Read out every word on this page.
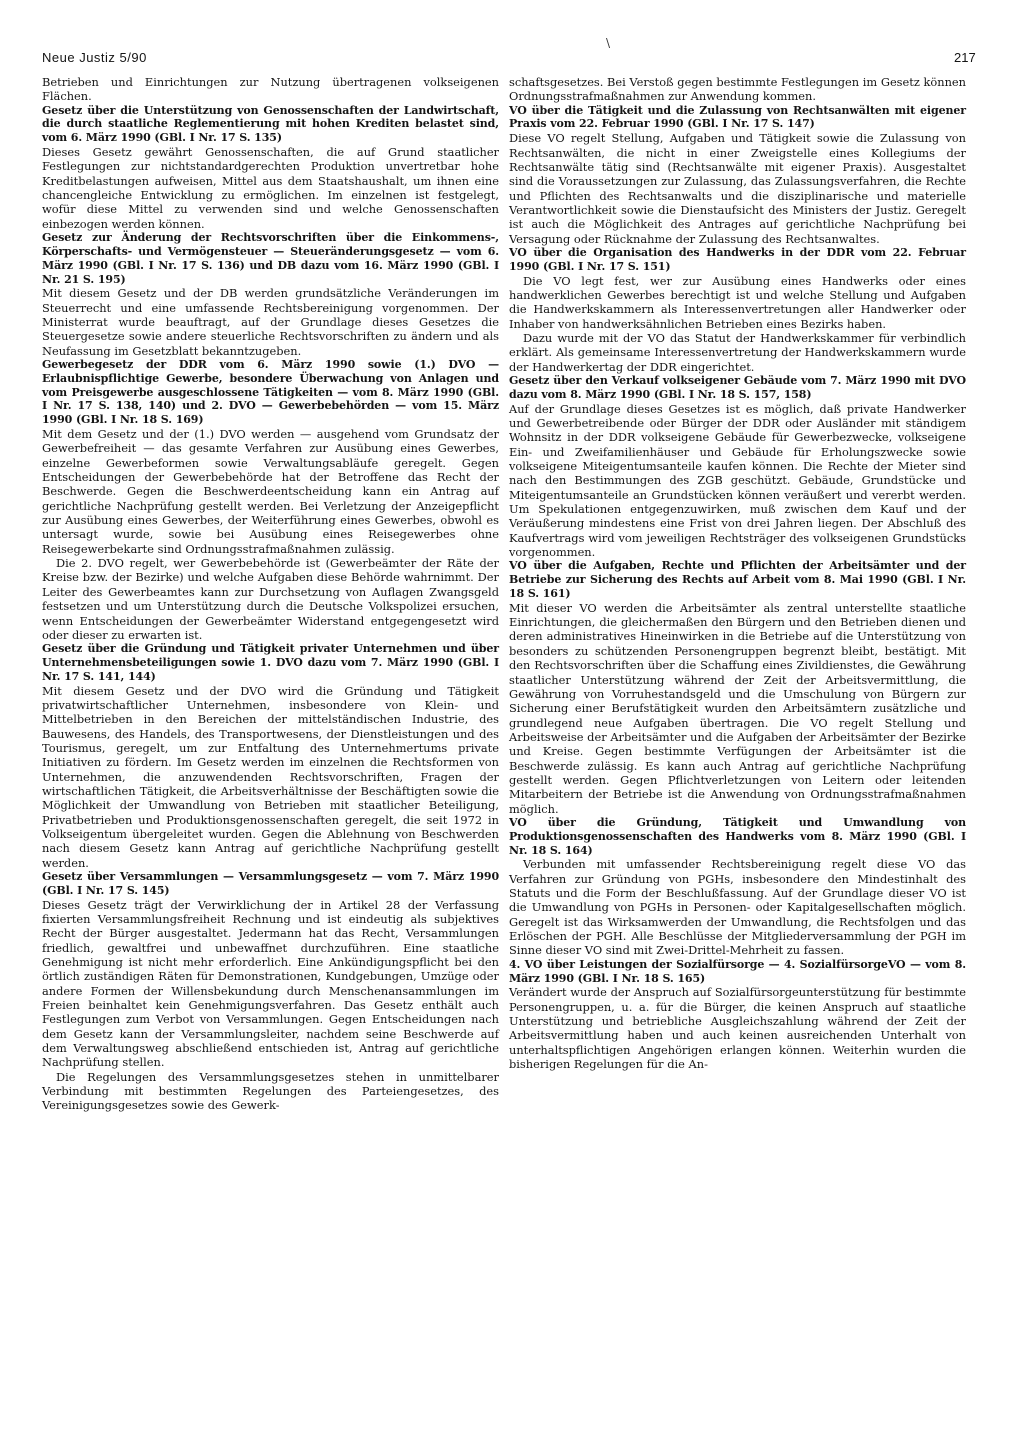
Neue Justiz 5/90
\
217

Betrieben und Einrichtungen zur Nutzung übertragenen volkseigenen Flächen.

Gesetz über die Unterstützung von Genossenschaften der Landwirtschaft, die durch staatliche Reglementierung mit hohen Krediten belastet sind, vom 6. März 1990 (GBl. I Nr. 17 S. 135)

Dieses Gesetz gewährt Genossenschaften, die auf Grund staatlicher Festlegungen zur nichtstandardgerechten Produktion unvertretbar hohe Kreditbelastungen aufweisen, Mittel aus dem Staatshaushalt, um ihnen eine chancengleiche Entwicklung zu ermöglichen. Im einzelnen ist festgelegt, wofür diese Mittel zu verwenden sind und welche Genossenschaften einbezogen werden können.

Gesetz zur Änderung der Rechtsvorschriften über die Einkommens-, Körperschafts- und Vermögensteuer — Steueränderungsgesetz — vom 6. März 1990 (GBl. I Nr. 17 S. 136) und DB dazu vom 16. März 1990 (GBl. I Nr. 21 S. 195)

Mit diesem Gesetz und der DB werden grundsätzliche Veränderungen im Steuerrecht und eine umfassende Rechtsbereinigung vorgenommen. Der Ministerrat wurde beauftragt, auf der Grundlage dieses Gesetzes die Steuergesetze sowie andere steuerliche Rechtsvorschriften zu ändern und als Neufassung im Gesetzblatt bekanntzugeben.

Gewerbegesetz der DDR vom 6. März 1990 sowie (1.) DVO — Erlaubnispflichtige Gewerbe, besondere Überwachung von Anlagen und vom Preisgewerbe ausgeschlossene Tätigkeiten — vom 8. März 1990 (GBl. I Nr. 17 S. 138, 140) und 2. DVO — Gewerbebehörden — vom 15. März 1990 (GBl. I Nr. 18 S. 169)

Mit dem Gesetz und der (1.) DVO werden — ausgehend vom Grundsatz der Gewerbefreiheit — das gesamte Verfahren zur Ausübung eines Gewerbes, einzelne Gewerbeformen sowie Verwaltungsabläufe geregelt. Gegen Entscheidungen der Gewerbebehörde hat der Betroffene das Recht der Beschwerde. Gegen die Beschwerdeentscheidung kann ein Antrag auf gerichtliche Nachprüfung gestellt werden. Bei Verletzung der Anzeigepflicht zur Ausübung eines Gewerbes, der Weiterführung eines Gewerbes, obwohl es untersagt wurde, sowie bei Ausübung eines Reisegewerbes ohne Reisegewerbekarte sind Ordnungsstrafmaßnahmen zulässig.

Die 2. DVO regelt, wer Gewerbebehörde ist (Gewerbeämter der Räte der Kreise bzw. der Bezirke) und welche Aufgaben diese Behörde wahrnimmt. Der Leiter des Gewerbeamtes kann zur Durchsetzung von Auflagen Zwangsgeld festsetzen und um Unterstützung durch die Deutsche Volkspolizei ersuchen, wenn Entscheidungen der Gewerbeämter Widerstand entgegengesetzt wird oder dieser zu erwarten ist.

Gesetz über die Gründung und Tätigkeit privater Unternehmen und über Unternehmensbeteiligungen sowie 1. DVO dazu vom 7. März 1990 (GBl. I Nr. 17 S. 141, 144)

Mit diesem Gesetz und der DVO wird die Gründung und Tätigkeit privatwirtschaftlicher Unternehmen, insbesondere von Klein- und Mittelbetrieben in den Bereichen der mittelständischen Industrie, des Bauwesens, des Handels, des Transportwesens, der Dienstleistungen und des Tourismus, geregelt, um zur Entfaltung des Unternehmertums private Initiativen zu fördern. Im Gesetz werden im einzelnen die Rechtsformen von Unternehmen, die anzuwendenden Rechtsvorschriften, Fragen der wirtschaftlichen Tätigkeit, die Arbeitsverhältnisse der Beschäftigten sowie die Möglichkeit der Umwandlung von Betrieben mit staatlicher Beteiligung, Privatbetrieben und Produktionsgenossenschaften geregelt, die seit 1972 in Volkseigentum übergeleitet wurden. Gegen die Ablehnung von Beschwerden nach diesem Gesetz kann Antrag auf gerichtliche Nachprüfung gestellt werden.

Gesetz über Versammlungen — Versammlungsgesetz — vom 7. März 1990 (GBl. I Nr. 17 S. 145)

Dieses Gesetz trägt der Verwirklichung der in Artikel 28 der Verfassung fixierten Versammlungsfreiheit Rechnung und ist eindeutig als subjektives Recht der Bürger ausgestaltet. Jedermann hat das Recht, Versammlungen friedlich, gewaltfrei und unbewaffnet durchzuführen. Eine staatliche Genehmigung ist nicht mehr erforderlich. Eine Ankündigungspflicht bei den örtlich zuständigen Räten für Demonstrationen, Kundgebungen, Umzüge oder andere Formen der Willensbekundung durch Menschenansammlungen im Freien beinhaltet kein Genehmigungsverfahren. Das Gesetz enthält auch Festlegungen zum Verbot von Versammlungen. Gegen Entscheidungen nach dem Gesetz kann der Versammlungsleiter, nachdem seine Beschwerde auf dem Verwaltungsweg abschließend entschieden ist, Antrag auf gerichtliche Nachprüfung stellen.

Die Regelungen des Versammlungsgesetzes stehen in unmittelbarer Verbindung mit bestimmten Regelungen des Parteiengesetzes, des Vereinigungsgesetzes sowie des Gewerk-

schaftsgesetzes. Bei Verstoß gegen bestimmte Festlegungen im Gesetz können Ordnungsstrafmaßnahmen zur Anwendung kommen.

VO über die Tätigkeit und die Zulassung von Rechtsanwälten mit eigener Praxis vom 22. Februar 1990 (GBl. I Nr. 17 S. 147)

Diese VO regelt Stellung, Aufgaben und Tätigkeit sowie die Zulassung von Rechtsanwälten, die nicht in einer Zweigstelle eines Kollegiums der Rechtsanwälte tätig sind (Rechtsanwälte mit eigener Praxis). Ausgestaltet sind die Voraussetzungen zur Zulassung, das Zulassungsverfahren, die Rechte und Pflichten des Rechtsanwalts und die disziplinarische und materielle Verantwortlichkeit sowie die Dienstaufsicht des Ministers der Justiz. Geregelt ist auch die Möglichkeit des Antrages auf gerichtliche Nachprüfung bei Versagung oder Rücknahme der Zulassung des Rechtsanwaltes.

VO über die Organisation des Handwerks in der DDR vom 22. Februar 1990 (GBl. I Nr. 17 S. 151)

Die VO legt fest, wer zur Ausübung eines Handwerks oder eines handwerklichen Gewerbes berechtigt ist und welche Stellung und Aufgaben die Handwerkskammern als Interessenvertretungen aller Handwerker oder Inhaber von handwerksähnlichen Betrieben eines Bezirks haben.

Dazu wurde mit der VO das Statut der Handwerkskammer für verbindlich erklärt. Als gemeinsame Interessenvertretung der Handwerkskammern wurde der Handwerkertag der DDR eingerichtet.

Gesetz über den Verkauf volkseigener Gebäude vom 7. März 1990 mit DVO dazu vom 8. März 1990 (GBl. I Nr. 18 S. 157, 158)

Auf der Grundlage dieses Gesetzes ist es möglich, daß private Handwerker und Gewerbetreibende oder Bürger der DDR oder Ausländer mit ständigem Wohnsitz in der DDR volkseigene Gebäude für Gewerbezwecke, volkseigene Ein- und Zweifamilienhäuser und Gebäude für Erholungszwecke sowie volkseigene Miteigentumsanteile kaufen können. Die Rechte der Mieter sind nach den Bestimmungen des ZGB geschützt. Gebäude, Grundstücke und Miteigentumsanteile an Grundstücken können veräußert und vererbt werden. Um Spekulationen entgegenzuwirken, muß zwischen dem Kauf und der Veräußerung mindestens eine Frist von drei Jahren liegen. Der Abschluß des Kaufvertrags wird vom jeweiligen Rechtsträger des volkseigenen Grundstücks vorgenommen.

VO über die Aufgaben, Rechte und Pflichten der Arbeitsämter und der Betriebe zur Sicherung des Rechts auf Arbeit vom 8. Mai 1990 (GBl. I Nr. 18 S. 161)

Mit dieser VO werden die Arbeitsämter als zentral unterstellte staatliche Einrichtungen, die gleichermaßen den Bürgern und den Betrieben dienen und deren administratives Hineinwirken in die Betriebe auf die Unterstützung von besonders zu schützenden Personengruppen begrenzt bleibt, bestätigt. Mit den Rechtsvorschriften über die Schaffung eines Zivildienstes, die Gewährung staatlicher Unterstützung während der Zeit der Arbeitsvermittlung, die Gewährung von Vorruhestandsgeld und die Umschulung von Bürgern zur Sicherung einer Berufstätigkeit wurden den Arbeitsämtern zusätzliche und grundlegend neue Aufgaben übertragen. Die VO regelt Stellung und Arbeitsweise der Arbeitsämter und die Aufgaben der Arbeitsämter der Bezirke und Kreise. Gegen bestimmte Verfügungen der Arbeitsämter ist die Beschwerde zulässig. Es kann auch Antrag auf gerichtliche Nachprüfung gestellt werden. Gegen Pflichtverletzungen von Leitern oder leitenden Mitarbeitern der Betriebe ist die Anwendung von Ordnungsstrafmaßnahmen möglich.

VO über die Gründung, Tätigkeit und Umwandlung von Produktionsgenossenschaften des Handwerks vom 8. März 1990 (GBl. I Nr. 18 S. 164)

Verbunden mit umfassender Rechtsbereinigung regelt diese VO das Verfahren zur Gründung von PGHs, insbesondere den Mindestinhalt des Statuts und die Form der Beschlußfassung. Auf der Grundlage dieser VO ist die Umwandlung von PGHs in Personen- oder Kapitalgesellschaften möglich. Geregelt ist das Wirksamwerden der Umwandlung, die Rechtsfolgen und das Erlöschen der PGH. Alle Beschlüsse der Mitgliederversammlung der PGH im Sinne dieser VO sind mit Zwei-Drittel-Mehrheit zu fassen.

4. VO über Leistungen der Sozialfürsorge — 4. SozialfürsorgeVO — vom 8. März 1990 (GBl. I Nr. 18 S. 165)

Verändert wurde der Anspruch auf Sozialfürsorgeunterstützung für bestimmte Personengruppen, u. a. für die Bürger, die keinen Anspruch auf staatliche Unterstützung und betriebliche Ausgleichszahlung während der Zeit der Arbeitsvermittlung haben und auch keinen ausreichenden Unterhalt von unterhaltspflichtigen Angehörigen erlangen können. Weiterhin wurden die bisherigen Regelungen für die An-
